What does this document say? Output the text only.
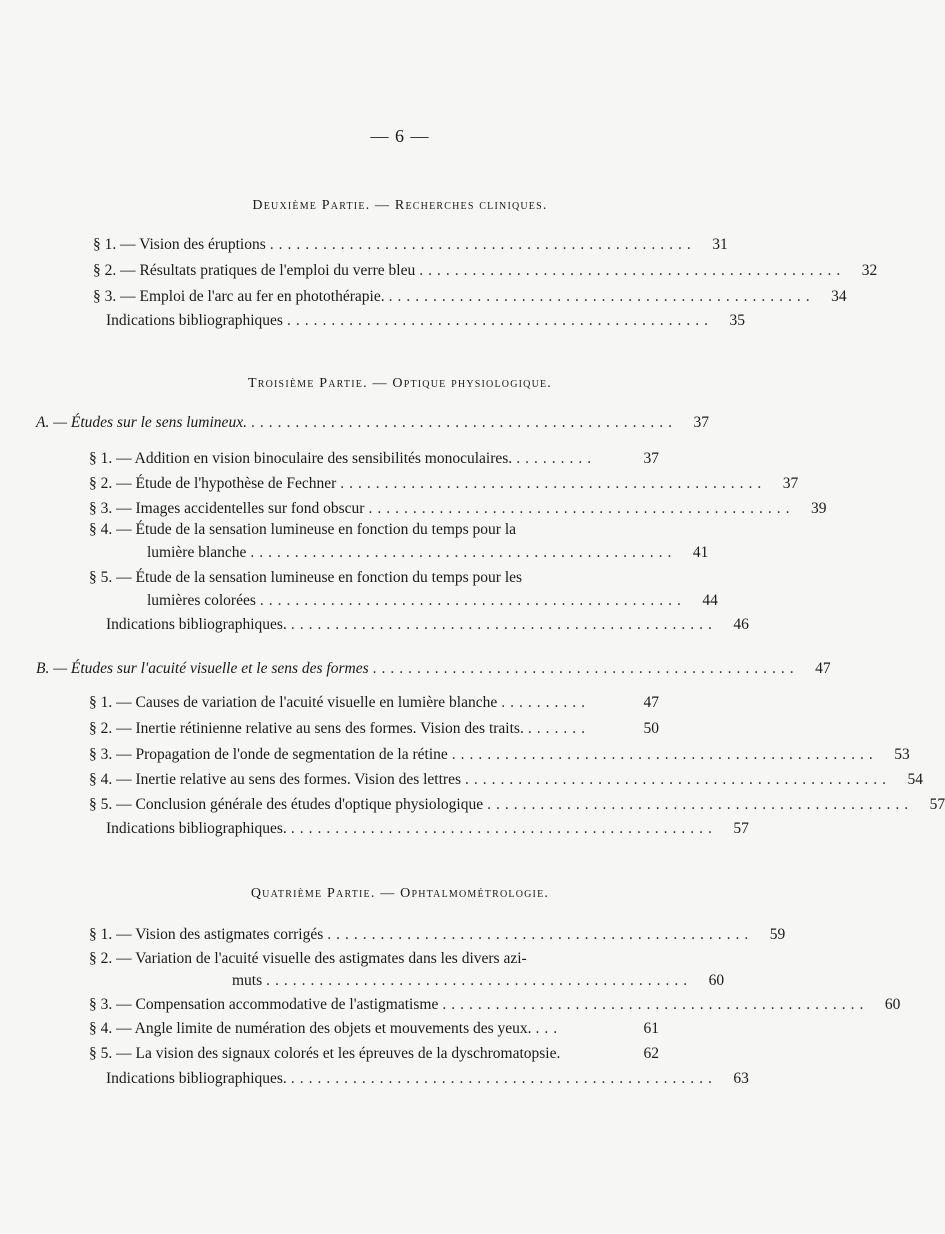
— 6 —
Deuxième Partie. — Recherches cliniques.
§ 1. — Vision des éruptions ................................................	31
§ 2. — Résultats pratiques de l'emploi du verre bleu ................................................	32
§ 3. — Emploi de l'arc au fer en photothérapie. ................................................	34
Indications bibliographiques ................................................	35
Troisième Partie. — Optique physiologique.
A. — Études sur le sens lumineux. ................................................	37
§ 1. — Addition en vision binoculaire des sensibilités monoculaires. .........	37
§ 2. — Étude de l'hypothèse de Fechner ................................................	37
§ 3. — Images accidentelles sur fond obscur ................................................	39
§ 4. — Étude de la sensation lumineuse en fonction du temps pour la
lumière blanche ................................................	41
§ 5. — Étude de la sensation lumineuse en fonction du temps pour les
lumières colorées ................................................	44
Indications bibliographiques. ................................................	46
B. — Études sur l'acuité visuelle et le sens des formes ................................................	47
§ 1. — Causes de variation de l'acuité visuelle en lumière blanche ..........	47
§ 2. — Inertie rétinienne relative au sens des formes. Vision des traits. .......	50
§ 3. — Propagation de l'onde de segmentation de la rétine ................................................	53
§ 4. — Inertie relative au sens des formes. Vision des lettres ................................................	54
§ 5. — Conclusion générale des études d'optique physiologique ................................................	57
Indications bibliographiques. ................................................	57
Quatrième Partie. — Ophtalmométrologie.
§ 1. — Vision des astigmates corrigés ................................................	59
§ 2. — Variation de l'acuité visuelle des astigmates dans les divers azi-
muts ................................................	60
§ 3. — Compensation accommodative de l'astigmatisme ................................................	60
§ 4. — Angle limite de numération des objets et mouvements des yeux. ...	61
§ 5. — La vision des signaux colorés et les épreuves de la dyschromatopsie.	62
Indications bibliographiques. ................................................	63
